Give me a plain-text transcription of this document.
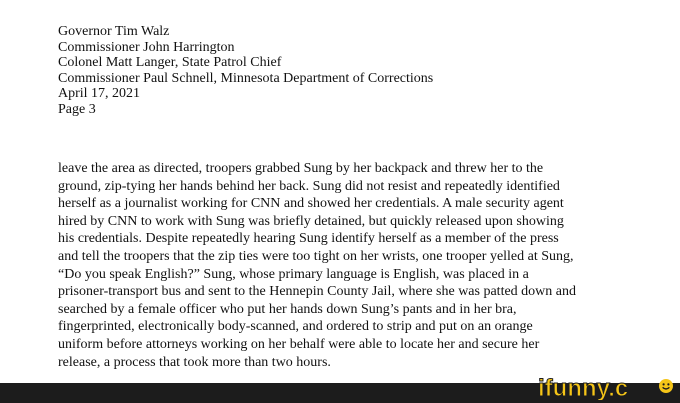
Governor Tim Walz
Commissioner John Harrington
Colonel Matt Langer, State Patrol Chief
Commissioner Paul Schnell, Minnesota Department of Corrections
April 17, 2021
Page 3
leave the area as directed, troopers grabbed Sung by her backpack and threw her to the
ground, zip-tying her hands behind her back. Sung did not resist and repeatedly identified
herself as a journalist working for CNN and showed her credentials. A male security agent
hired by CNN to work with Sung was briefly detained, but quickly released upon showing
his credentials. Despite repeatedly hearing Sung identify herself as a member of the press
and tell the troopers that the zip ties were too tight on her wrists, one trooper yelled at Sung,
“Do you speak English?” Sung, whose primary language is English, was placed in a
prisoner-transport bus and sent to the Hennepin County Jail, where she was patted down and
searched by a female officer who put her hands down Sung’s pants and in her bra,
fingerprinted, electronically body-scanned, and ordered to strip and put on an orange
uniform before attorneys working on her behalf were able to locate her and secure her
release, a process that took more than two hours.
ifunny.c
